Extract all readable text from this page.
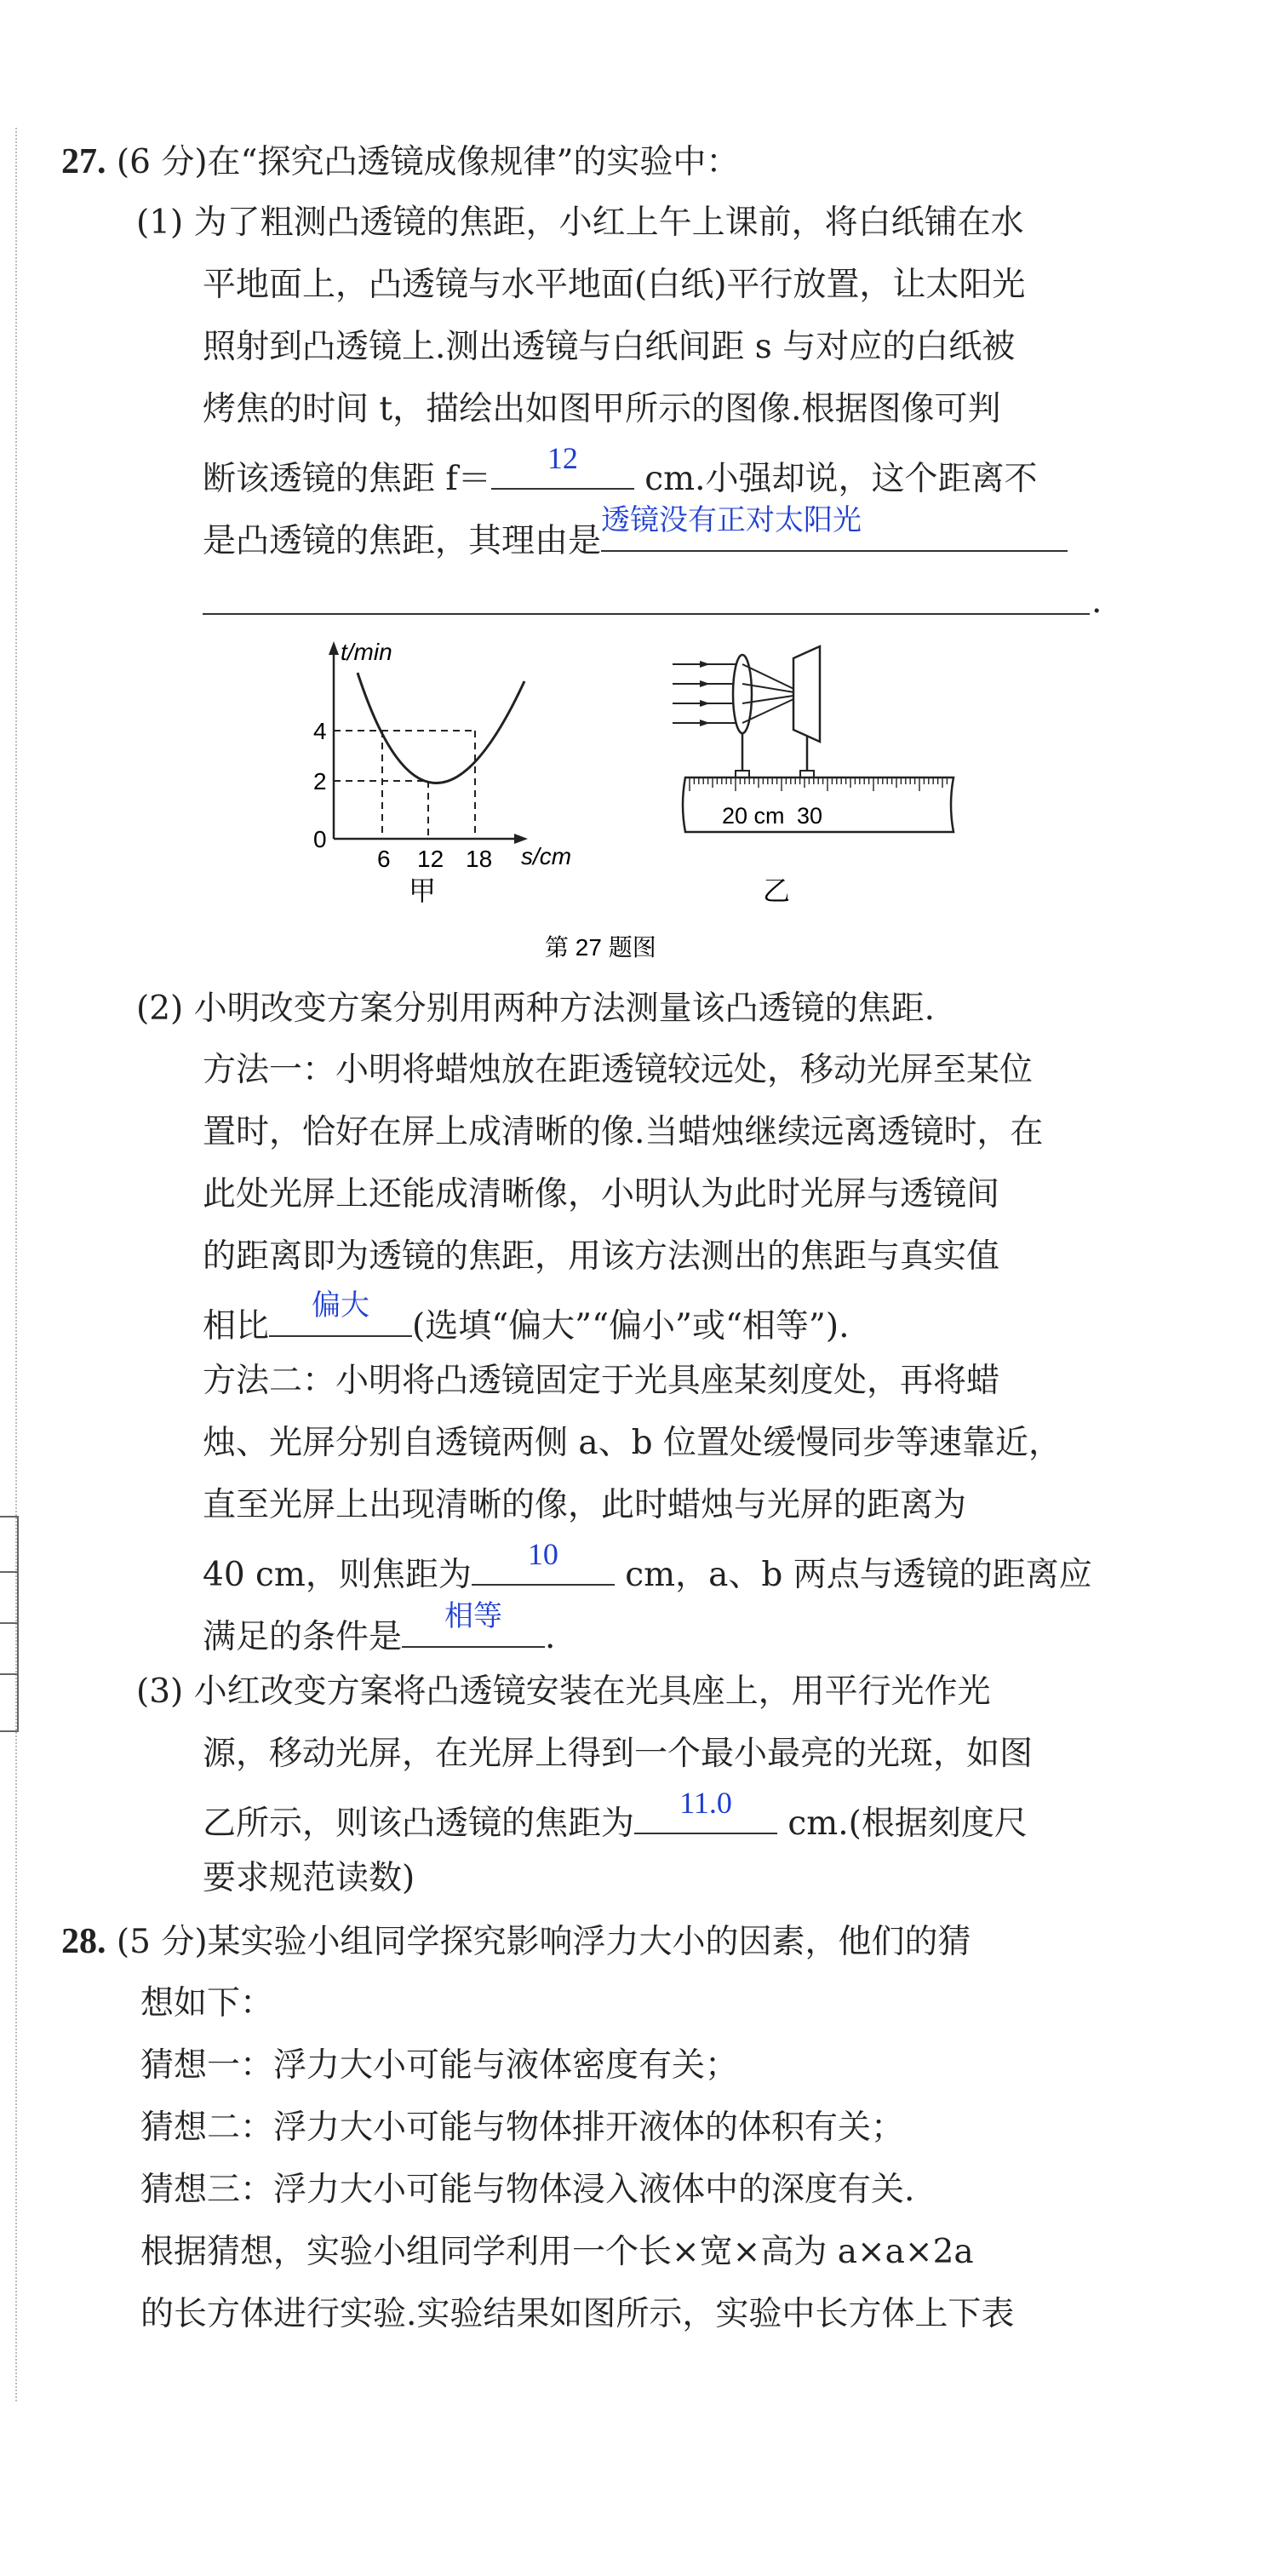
27. (6 分)在“探究凸透镜成像规律”的实验中：
(1) 为了粗测凸透镜的焦距，小红上午上课前，将白纸铺在水
平地面上，凸透镜与水平地面(白纸)平行放置，让太阳光
照射到凸透镜上.测出透镜与白纸间距 s 与对应的白纸被
烤焦的时间 t，描绘出如图甲所示的图像.根据图像可判
断该透镜的焦距 f＝
12
cm.小强却说，这个距离不
是凸透镜的焦距，其理由是
透镜没有正对太阳光
.
t/min
s/cm
0
4
2
6 12 18
甲
20 cm 30
乙
第 27 题图
(2) 小明改变方案分别用两种方法测量该凸透镜的焦距.
方法一：小明将蜡烛放在距透镜较远处，移动光屏至某位
置时，恰好在屏上成清晰的像.当蜡烛继续远离透镜时，在
此处光屏上还能成清晰像，小明认为此时光屏与透镜间
的距离即为透镜的焦距，用该方法测出的焦距与真实值
相比
偏大
(选填“偏大”“偏小”或“相等”).
方法二：小明将凸透镜固定于光具座某刻度处，再将蜡
烛、光屏分别自透镜两侧 a、b 位置处缓慢同步等速靠近，
直至光屏上出现清晰的像，此时蜡烛与光屏的距离为
40 cm，则焦距为
10
cm，a、b 两点与透镜的距离应
满足的条件是
相等
.
(3) 小红改变方案将凸透镜安装在光具座上，用平行光作光
源，移动光屏，在光屏上得到一个最小最亮的光斑，如图
乙所示，则该凸透镜的焦距为
11.0
cm.(根据刻度尺
要求规范读数)
28. (5 分)某实验小组同学探究影响浮力大小的因素，他们的猜
想如下：
猜想一：浮力大小可能与液体密度有关；
猜想二：浮力大小可能与物体排开液体的体积有关；
猜想三：浮力大小可能与物体浸入液体中的深度有关.
根据猜想，实验小组同学利用一个长×宽×高为 a×a×2a
的长方体进行实验.实验结果如图所示，实验中长方体上下表
